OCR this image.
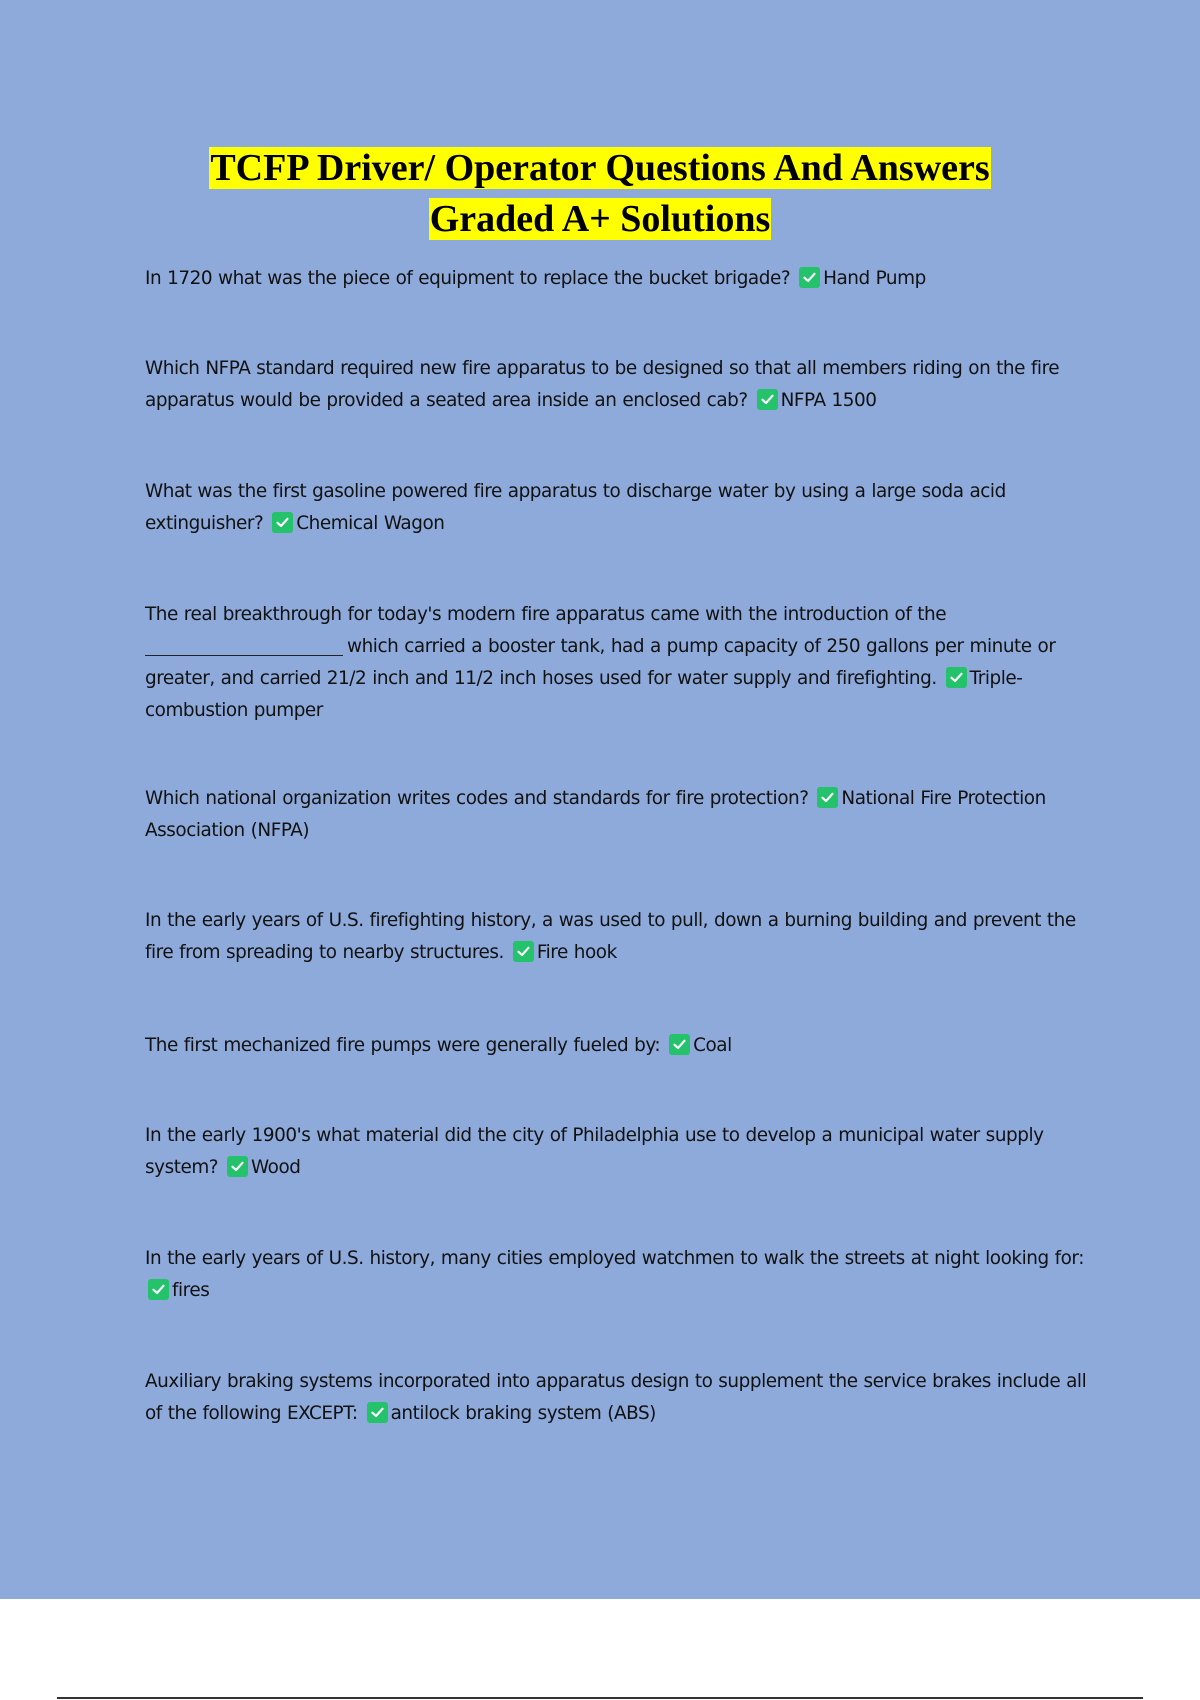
TCFP Driver/ Operator Questions And Answers
Graded A+ Solutions
In 1720 what was the piece of equipment to replace the bucket brigade? Hand Pump
Which NFPA standard required new fire apparatus to be designed so that all members riding on the fire apparatus would be provided a seated area inside an enclosed cab? NFPA 1500
What was the first gasoline powered fire apparatus to discharge water by using a large soda acid extinguisher? Chemical Wagon
The real breakthrough for today's modern fire apparatus came with the introduction of the
which carried a booster tank, had a pump capacity of 250 gallons per minute or greater, and carried 21/2 inch and 11/2 inch hoses used for water supply and firefighting. Triple-combustion pumper
Which national organization writes codes and standards for fire protection? National Fire Protection Association (NFPA)
In the early years of U.S. firefighting history, a was used to pull, down a burning building and prevent the fire from spreading to nearby structures. Fire hook
The first mechanized fire pumps were generally fueled by: Coal
In the early 1900's what material did the city of Philadelphia use to develop a municipal water supply system? Wood
In the early years of U.S. history, many cities employed watchmen to walk the streets at night looking for:
fires
Auxiliary braking systems incorporated into apparatus design to supplement the service brakes include all of the following EXCEPT: antilock braking system (ABS)
